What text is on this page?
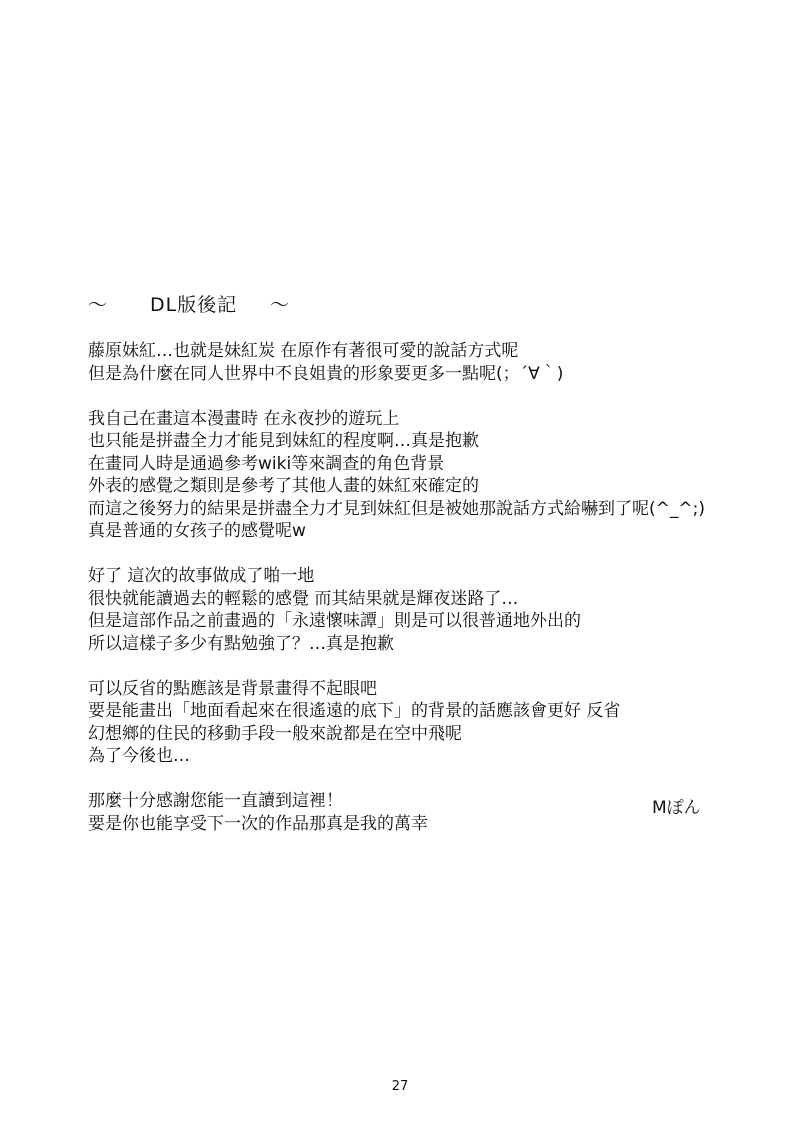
～ DL版後記 ～
藤原妹紅…也就是妹紅炭 在原作有著很可愛的說話方式呢
但是為什麼在同人世界中不良姐貴的形象要更多一點呢(；´∀｀)
我自己在畫這本漫畫時 在永夜抄的遊玩上
也只能是拼盡全力才能見到妹紅的程度啊…真是抱歉
在畫同人時是通過參考wiki等來調查的角色背景
外表的感覺之類則是參考了其他人畫的妹紅來確定的
而這之後努力的結果是拼盡全力才見到妹紅但是被她那說話方式給嚇到了呢(^_^;)
真是普通的女孩子的感覺呢w
好了 這次的故事做成了啪一地
很快就能讀過去的輕鬆的感覺 而其結果就是輝夜迷路了…
但是這部作品之前畫過的「永遠懷味譚」則是可以很普通地外出的
所以這樣子多少有點勉強了？…真是抱歉
可以反省的點應該是背景畫得不起眼吧
要是能畫出「地面看起來在很遙遠的底下」的背景的話應該會更好 反省
幻想鄉的住民的移動手段一般來說都是在空中飛呢
為了今後也…
那麼十分感謝您能一直讀到這裡！
要是你也能享受下一次的作品那真是我的萬幸
Mぽん
27
